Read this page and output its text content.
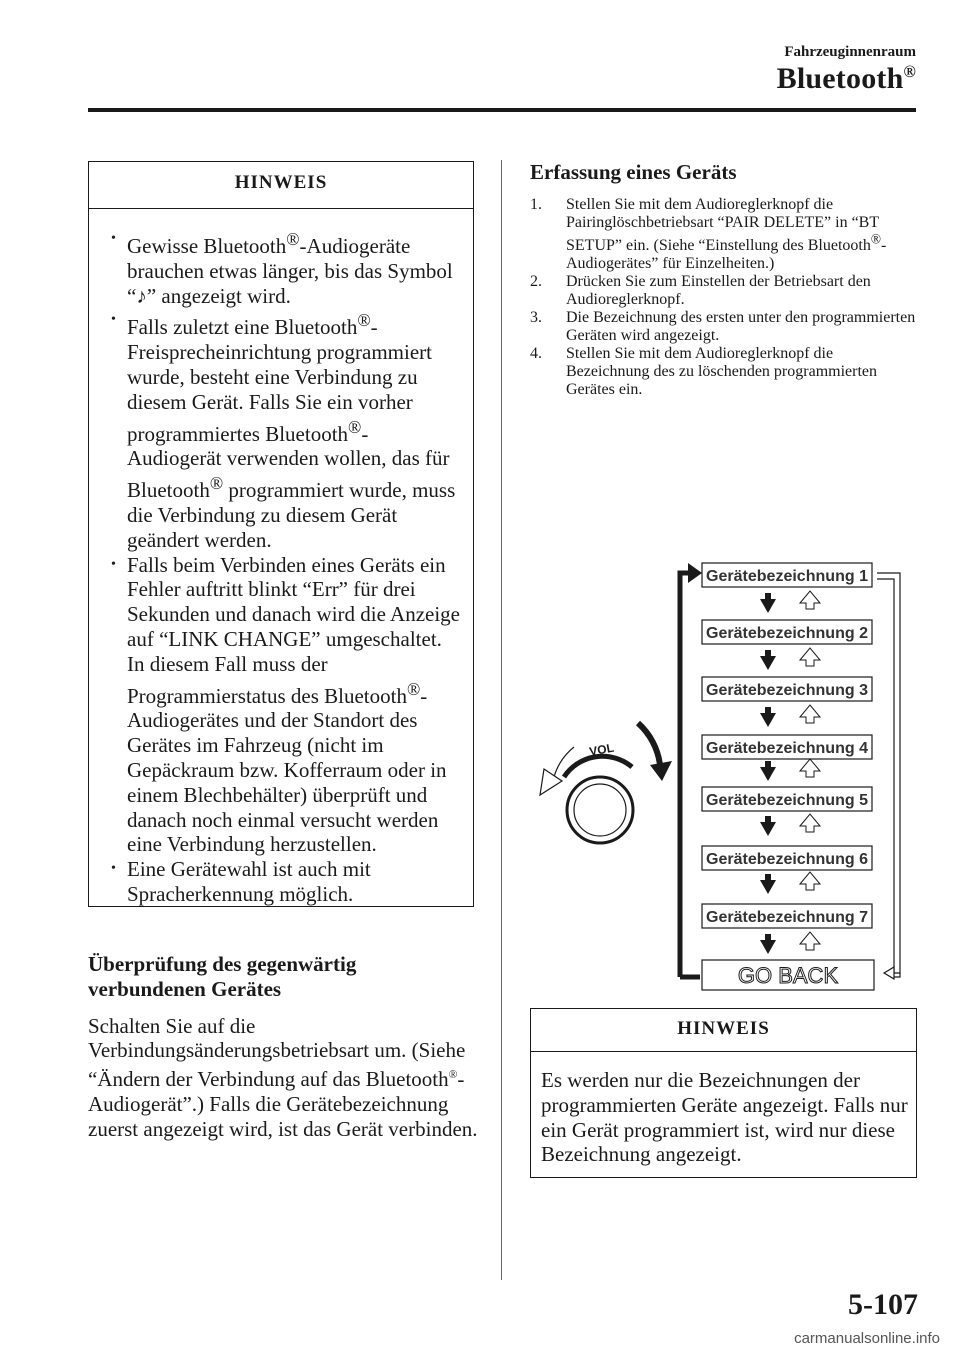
Fahrzeuginnenraum
Bluetooth®
HINWEIS
• Gewisse Bluetooth®-Audiogeräte brauchen etwas länger, bis das Symbol “♪” angezeigt wird.
• Falls zuletzt eine Bluetooth®-Freisprecheinrichtung programmiert wurde, besteht eine Verbindung zu diesem Gerät. Falls Sie ein vorher programmiertes Bluetooth®-Audiogerät verwenden wollen, das für Bluetooth® programmiert wurde, muss die Verbindung zu diesem Gerät geändert werden.
• Falls beim Verbinden eines Geräts ein Fehler auftritt blinkt “Err” für drei Sekunden und danach wird die Anzeige auf “LINK CHANGE” umgeschaltet. In diesem Fall muss der Programmierstatus des Bluetooth®-Audiogerätes und der Standort des Gerätes im Fahrzeug (nicht im Gepäckraum bzw. Kofferraum oder in einem Blechbehälter) überprüft und danach noch einmal versucht werden eine Verbindung herzustellen.
• Eine Gerätewahl ist auch mit Spracherkennung möglich.
Überprüfung des gegenwärtig verbundenen Gerätes
Schalten Sie auf die Verbindungsänderungsbetriebsart um. (Siehe “Ändern der Verbindung auf das Bluetooth®-Audiogerät”.) Falls die Gerätebezeichnung zuerst angezeigt wird, ist das Gerät verbinden.
Erfassung eines Geräts
1. Stellen Sie mit dem Audioreglerknopf die Pairinglöschbetriebsart “PAIR DELETE” in “BT SETUP” ein. (Siehe “Einstellung des Bluetooth®-Audiogerätes” für Einzelheiten.)
2. Drücken Sie zum Einstellen der Betriebsart den Audioreglerknopf.
3. Die Bezeichnung des ersten unter den programmierten Geräten wird angezeigt.
4. Stellen Sie mit dem Audioreglerknopf die Bezeichnung des zu löschenden programmierten Gerätes ein.
VOL
Gerätebezeichnung 1
Gerätebezeichnung 2
Gerätebezeichnung 3
Gerätebezeichnung 4
Gerätebezeichnung 5
Gerätebezeichnung 6
Gerätebezeichnung 7
GO BACK
HINWEIS
Es werden nur die Bezeichnungen der programmierten Geräte angezeigt. Falls nur ein Gerät programmiert ist, wird nur diese Bezeichnung angezeigt.
5-107
carmanualsonline.info
